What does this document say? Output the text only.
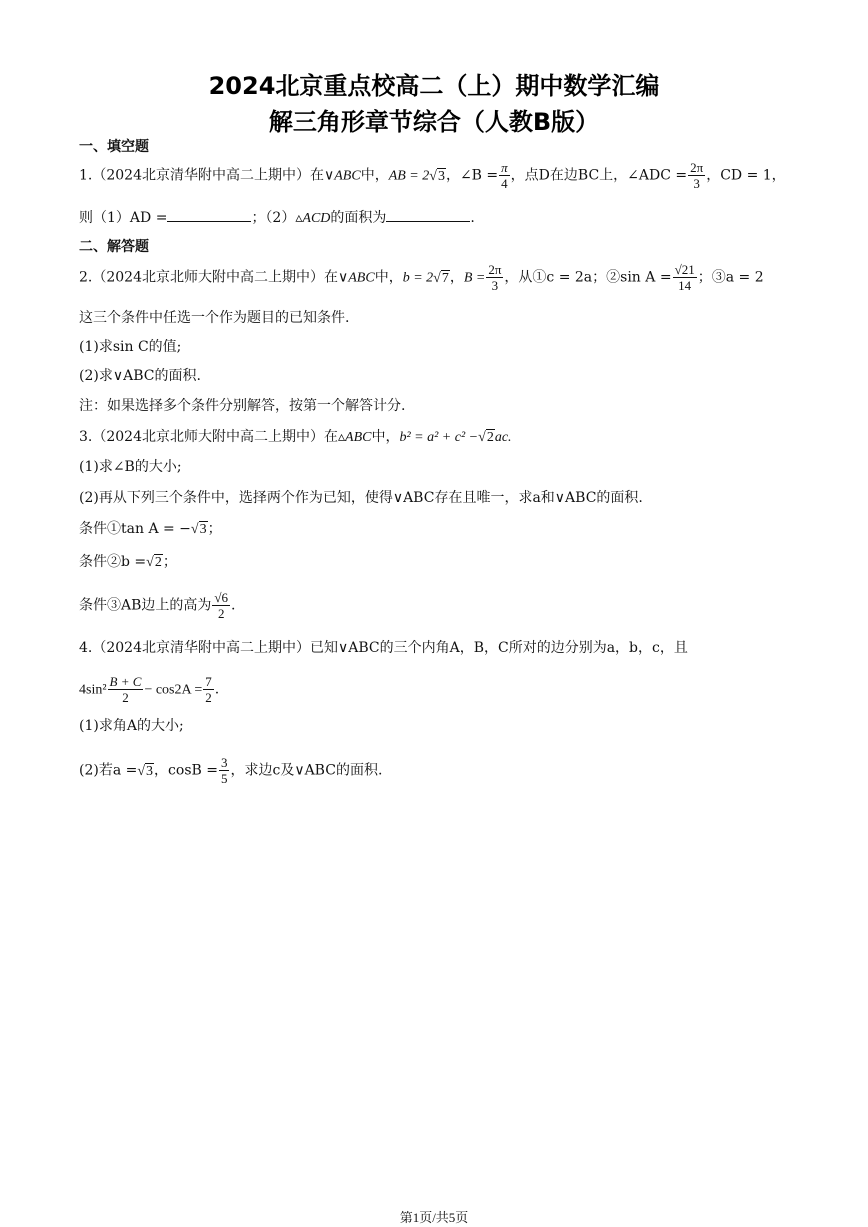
2024北京重点校高二（上）期中数学汇编
解三角形章节综合（人教B版）
一、填空题
1.（2024北京清华附中高二上期中）在∨ABC中，AB = 2√3，∠B = $\frac{\pi}{4}$ ，点D在边BC上，∠ADC = $\frac{2\pi}{3}$ ，CD = 1，
则（1）AD =	；（2）▵ACD的面积为	.
二、解答题
2.（2024北京北师大附中高二上期中）在∨ABC中，b = 2√7，$B = \frac{2\pi}{3}$ ，从①c = 2a；②sin $A = \frac{√21}{14}$ ；③a = 2
这三个条件中任选一个作为题目的已知条件.
(1)求sin C的值;
(2)求∨ABC的面积.
注：如果选择多个条件分别解答，按第一个解答计分.
3.（2024北京北师大附中高二上期中）在▵ABC中，b² = a² + c² −√2ac.
(1)求∠B的大小;
(2)再从下列三个条件中，选择两个作为已知，使得∨ABC存在且唯一，求a和∨ABC的面积.
条件①tan A = −√3；
条件②b =√2；
条件③AB边上的高为 $\frac{√6}{2}$ .
4.（2024北京清华附中高二上期中）已知∨ABC的三个内角A，B，C所对的边分别为a，b，c，且
$4\sin^2 \frac{B + C}{2} - \cos 2A = \frac{7}{2}$ .
(1)求角A的大小;
(2)若a =√3，$\cos B = \frac{3}{5}$ ，求边c及∨ABC的面积.
第1页/共5页
